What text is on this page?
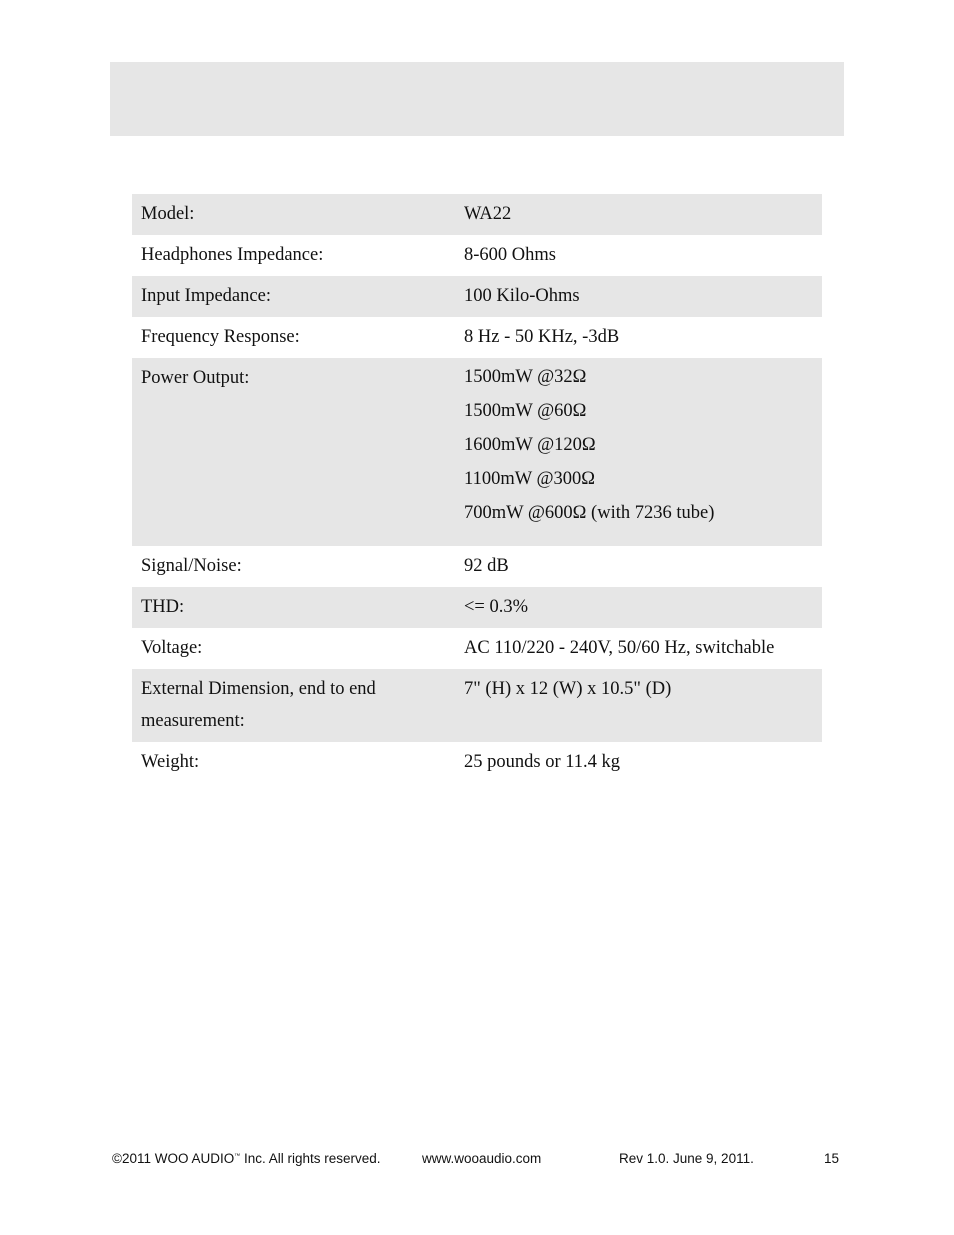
Model:	WA22

Headphones Impedance:	8-600 Ohms

Input Impedance:	100 Kilo-Ohms

Frequency Response:	8 Hz - 50 KHz, -3dB

Power Output:	1500mW @32Ω
1500mW @60Ω
1600mW @120Ω
1100mW @300Ω
700mW @600Ω (with 7236 tube)

Signal/Noise:	92 dB

THD:	<= 0.3%

Voltage:	AC 110/220 - 240V, 50/60 Hz, switchable

External Dimension, end to end measurement:	7" (H) x 12 (W) x 10.5" (D)

Weight:	25 pounds or 11.4 kg
©2011 WOO AUDIO™ Inc. All rights reserved.	www.wooaudio.com	Rev 1.0. June 9, 2011.	15
